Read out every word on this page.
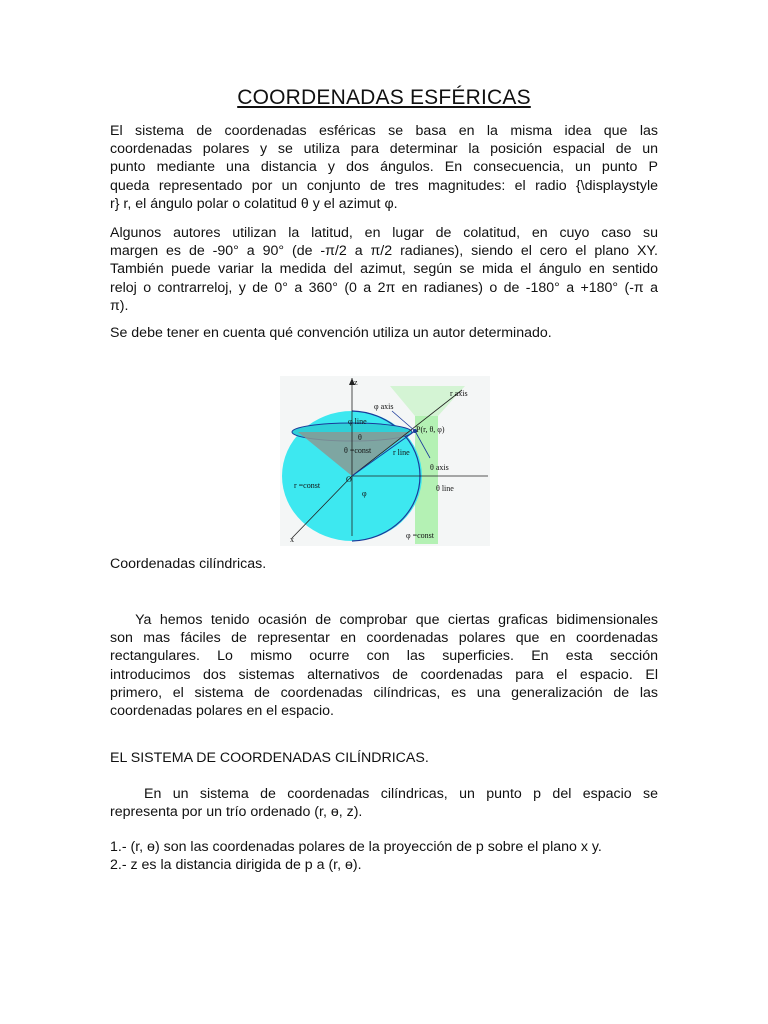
COORDENADAS ESFÉRICAS

El sistema de coordenadas esféricas se basa en la misma idea que las
coordenadas polares y se utiliza para determinar la posición espacial de un
punto mediante una distancia y dos ángulos. En consecuencia, un punto P
queda representado por un conjunto de tres magnitudes: el radio {\displaystyle
r} r, el ángulo polar o colatitud θ y el azimut φ.

Algunos autores utilizan la latitud, en lugar de colatitud, en cuyo caso su
margen es de -90° a 90° (de -π/2 a π/2 radianes), siendo el cero el plano XY.
También puede variar la medida del azimut, según se mida el ángulo en sentido
reloj o contrarreloj, y de 0° a 360° (0 a 2π en radianes) o de -180° a +180° (-π a
π).

Se debe tener en cuenta qué convención utiliza un autor determinado.

z
x
O
r axis
φ axis
φ line
P(r, θ, φ)
θ =const	r line
θ
θ axis
r =const
φ
θ line
φ =const
Coordenadas cilíndricas.

Ya hemos tenido ocasión de comprobar que ciertas graficas bidimensionales
son mas fáciles de representar en coordenadas polares que en coordenadas
rectangulares. Lo mismo ocurre con las superficies. En esta sección
introducimos dos sistemas alternativos de coordenadas para el espacio. El
primero, el sistema de coordenadas cilíndricas, es una generalización de las
coordenadas polares en el espacio.

EL SISTEMA DE COORDENADAS CILÍNDRICAS.

En un sistema de coordenadas cilíndricas, un punto p del espacio se
representa por un trío ordenado (r, ɵ, z).

1.- (r, ɵ) son las coordenadas polares de la proyección de p sobre el plano x y.
2.- z es la distancia dirigida de p a (r, ɵ).
